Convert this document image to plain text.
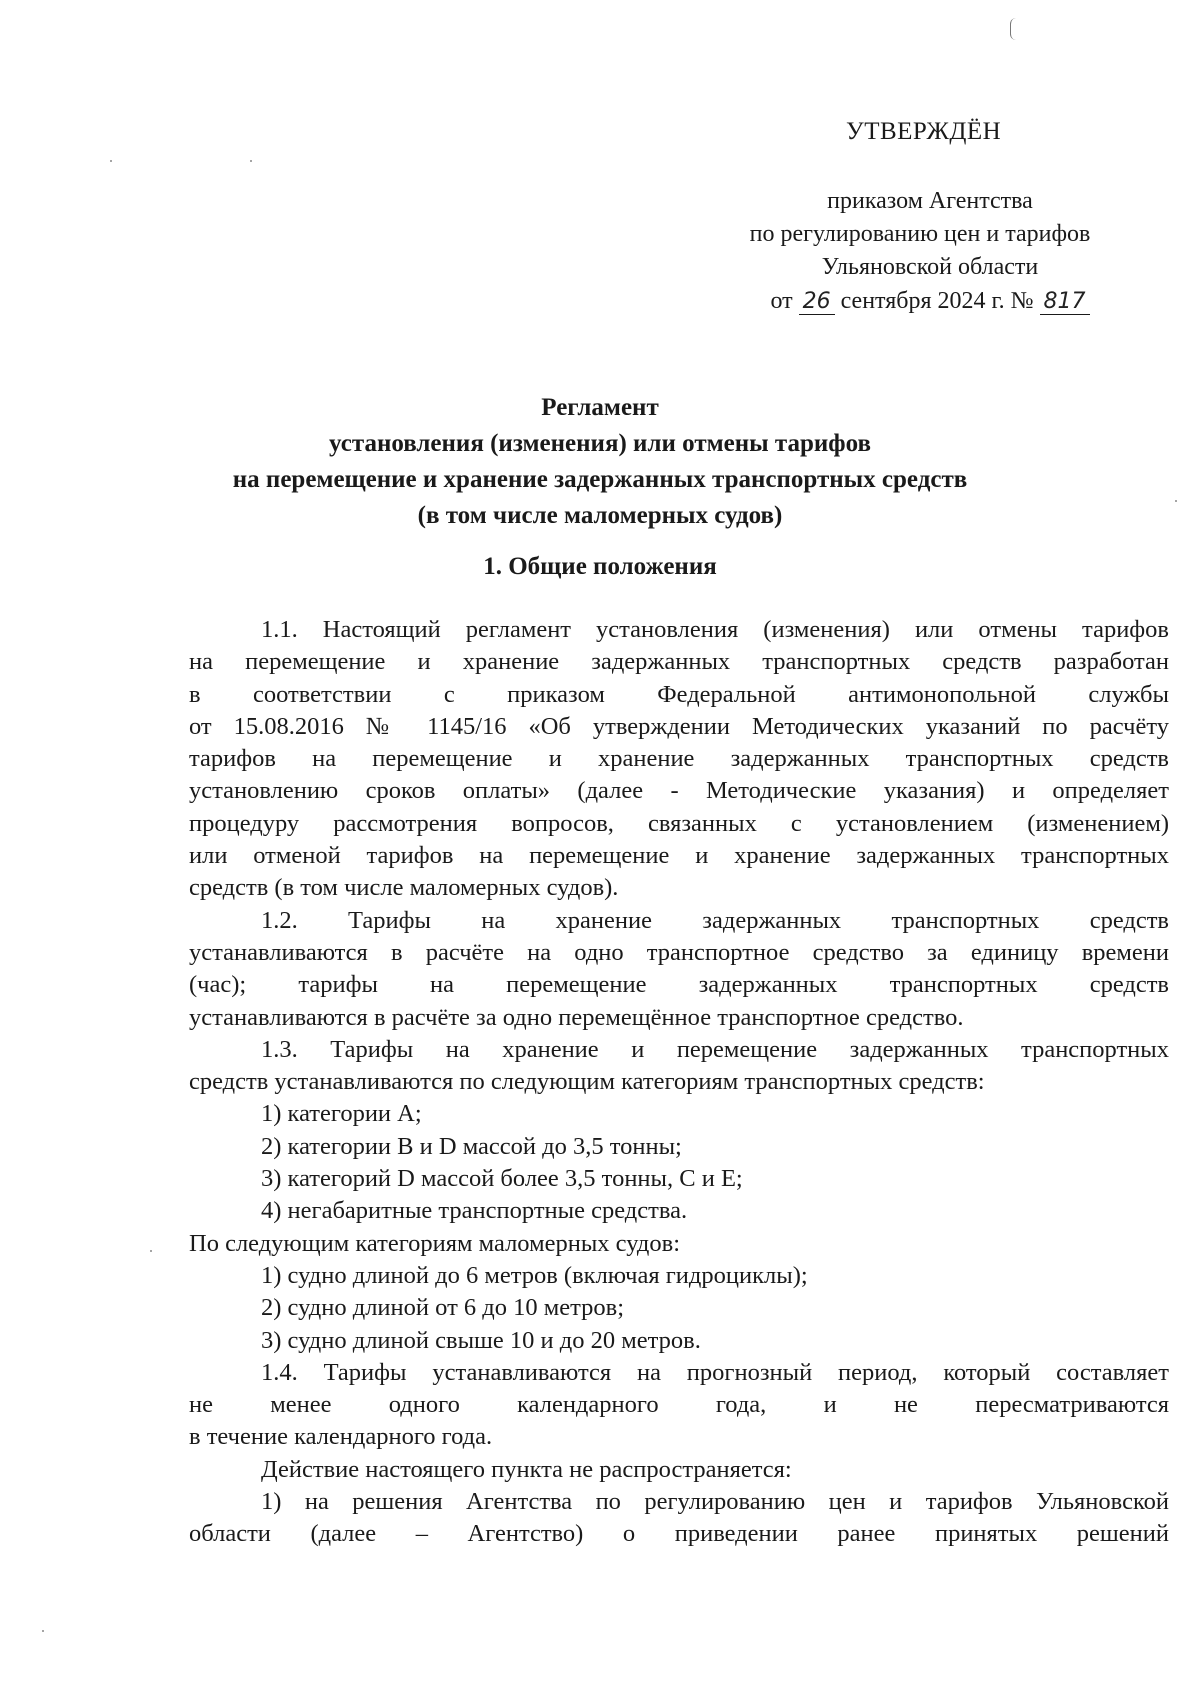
УТВЕРЖДЁН
приказом Агентства
по регулированию цен и тарифов
Ульяновской области
от 26 сентября 2024 г. № 817
Регламент
установления (изменения) или отмены тарифов
на перемещение и хранение задержанных транспортных средств
(в том числе маломерных судов)
1. Общие положения

1.1. Настоящий регламент установления (изменения) или отмены тарифов

на перемещение и хранение задержанных транспортных средств разработан

в соответствии с приказом Федеральной антимонопольной службы

от 15.08.2016 № 1145/16 «Об утверждении Методических указаний по расчёту

тарифов на перемещение и хранение задержанных транспортных средств

установлению сроков оплаты» (далее - Методические указания) и определяет

процедуру рассмотрения вопросов, связанных с установлением (изменением)

или отменой тарифов на перемещение и хранение задержанных транспортных

средств (в том числе маломерных судов).

1.2. Тарифы на хранение задержанных транспортных средств

устанавливаются в расчёте на одно транспортное средство за единицу времени

(час); тарифы на перемещение задержанных транспортных средств

устанавливаются в расчёте за одно перемещённое транспортное средство.

1.3. Тарифы на хранение и перемещение задержанных транспортных

средств устанавливаются по следующим категориям транспортных средств:

1) категории А;

2) категории В и D массой до 3,5 тонны;

3) категорий D массой более 3,5 тонны, С и Е;

4) негабаритные транспортные средства.

По следующим категориям маломерных судов:

1) судно длиной до 6 метров (включая гидроциклы);

2) судно длиной от 6 до 10 метров;

3) судно длиной свыше 10 и до 20 метров.

1.4. Тарифы устанавливаются на прогнозный период, который составляет

не менее одного календарного года, и не пересматриваются

в течение календарного года.

Действие настоящего пункта не распространяется:

1) на решения Агентства по регулированию цен и тарифов Ульяновской

области (далее – Агентство) о приведении ранее принятых решений
